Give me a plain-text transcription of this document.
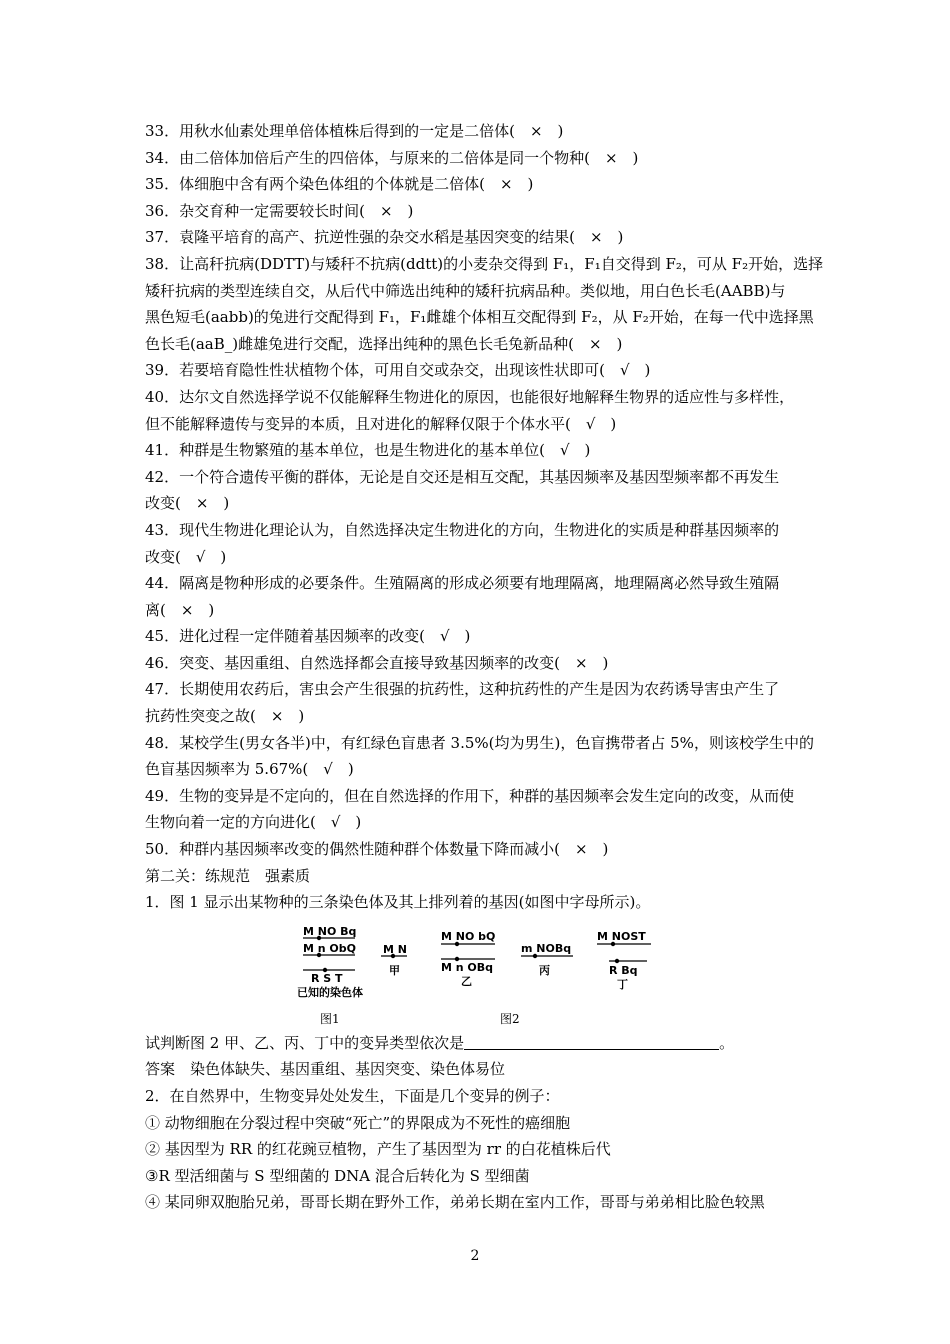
33．用秋水仙素处理单倍体植株后得到的一定是二倍体(　×　)
34．由二倍体加倍后产生的四倍体，与原来的二倍体是同一个物种(　×　)
35．体细胞中含有两个染色体组的个体就是二倍体(　×　)
36．杂交育种一定需要较长时间(　×　)
37．袁隆平培育的高产、抗逆性强的杂交水稻是基因突变的结果(　×　)
38．让高秆抗病(DDTT)与矮秆不抗病(ddtt)的小麦杂交得到 F₁，F₁自交得到 F₂，可从 F₂开始，选择
矮秆抗病的类型连续自交，从后代中筛选出纯种的矮秆抗病品种。类似地，用白色长毛(AABB)与
黑色短毛(aabb)的兔进行交配得到 F₁，F₁雌雄个体相互交配得到 F₂，从 F₂开始，在每一代中选择黑
色长毛(aaB_)雌雄兔进行交配，选择出纯种的黑色长毛兔新品种(　×　)
39．若要培育隐性性状植物个体，可用自交或杂交，出现该性状即可(　√　)
40．达尔文自然选择学说不仅能解释生物进化的原因，也能很好地解释生物界的适应性与多样性，
但不能解释遗传与变异的本质，且对进化的解释仅限于个体水平(　√　)
41．种群是生物繁殖的基本单位，也是生物进化的基本单位(　√　)
42．一个符合遗传平衡的群体，无论是自交还是相互交配，其基因频率及基因型频率都不再发生
改变(　×　)
43．现代生物进化理论认为，自然选择决定生物进化的方向，生物进化的实质是种群基因频率的
改变(　√　)
44．隔离是物种形成的必要条件。生殖隔离的形成必须要有地理隔离，地理隔离必然导致生殖隔
离(　×　)
45．进化过程一定伴随着基因频率的改变(　√　)
46．突变、基因重组、自然选择都会直接导致基因频率的改变(　×　)
47．长期使用农药后，害虫会产生很强的抗药性，这种抗药性的产生是因为农药诱导害虫产生了
抗药性突变之故(　×　)
48．某校学生(男女各半)中，有红绿色盲患者 3.5%(均为男生)，色盲携带者占 5%，则该校学生中的
色盲基因频率为 5.67%(　√　)
49．生物的变异是不定向的，但在自然选择的作用下，种群的基因频率会发生定向的改变，从而使
生物向着一定的方向进化(　√　)
50．种群内基因频率改变的偶然性随种群个体数量下降而减小(　×　)
第二关：练规范　强素质
1．图 1 显示出某物种的三条染色体及其上排列着的基因(如图中字母所示)。
M NO Bq
M n ObQ
R S T
已知的染色体
M N
甲
M NO bQ
M n OBq
乙
m NOBq
丙
M NOST
R Bq
丁
图1	图2
试判断图 2 甲、乙、丙、丁中的变异类型依次是	。
答案　染色体缺失、基因重组、基因突变、染色体易位
2．在自然界中，生物变异处处发生，下面是几个变异的例子：
① 动物细胞在分裂过程中突破“死亡”的界限成为不死性的癌细胞
② 基因型为 RR 的红花豌豆植物，产生了基因型为 rr 的白花植株后代
③R 型活细菌与 S 型细菌的 DNA 混合后转化为 S 型细菌
④ 某同卵双胞胎兄弟，哥哥长期在野外工作，弟弟长期在室内工作，哥哥与弟弟相比脸色较黑
2
